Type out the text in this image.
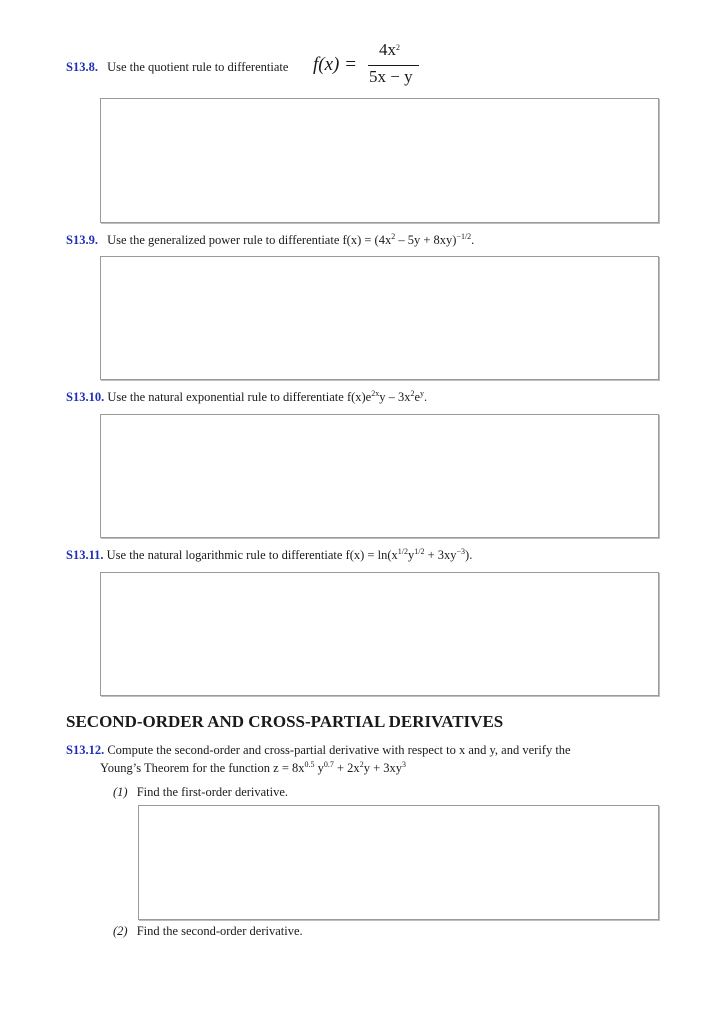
S13.8. Use the quotient rule to differentiate f(x) =
$4x^2$
5x − y
S13.9. Use the generalized power rule to differentiate $f(x) = (4x^2 - 5y + 8xy)^{-1/2}$.
S13.10. Use the natural exponential rule to differentiate $f(x)e^{2x}y - 3x^2e^y$.
S13.11. Use the natural logarithmic rule to differentiate $f(x) = \ln(x^{1/2}y^{1/2} + 3xy^{-3})$.
SECOND-ORDER AND CROSS-PARTIAL DERIVATIVES
S13.12. Compute the second-order and cross-partial derivative with respect to x and y, and verify the
Young’s Theorem for the function $z = 8x^{0.5}$ $y^{0.7} + 2x^2y + 3xy^3$
(1) Find the first-order derivative.
(2) Find the second-order derivative.
